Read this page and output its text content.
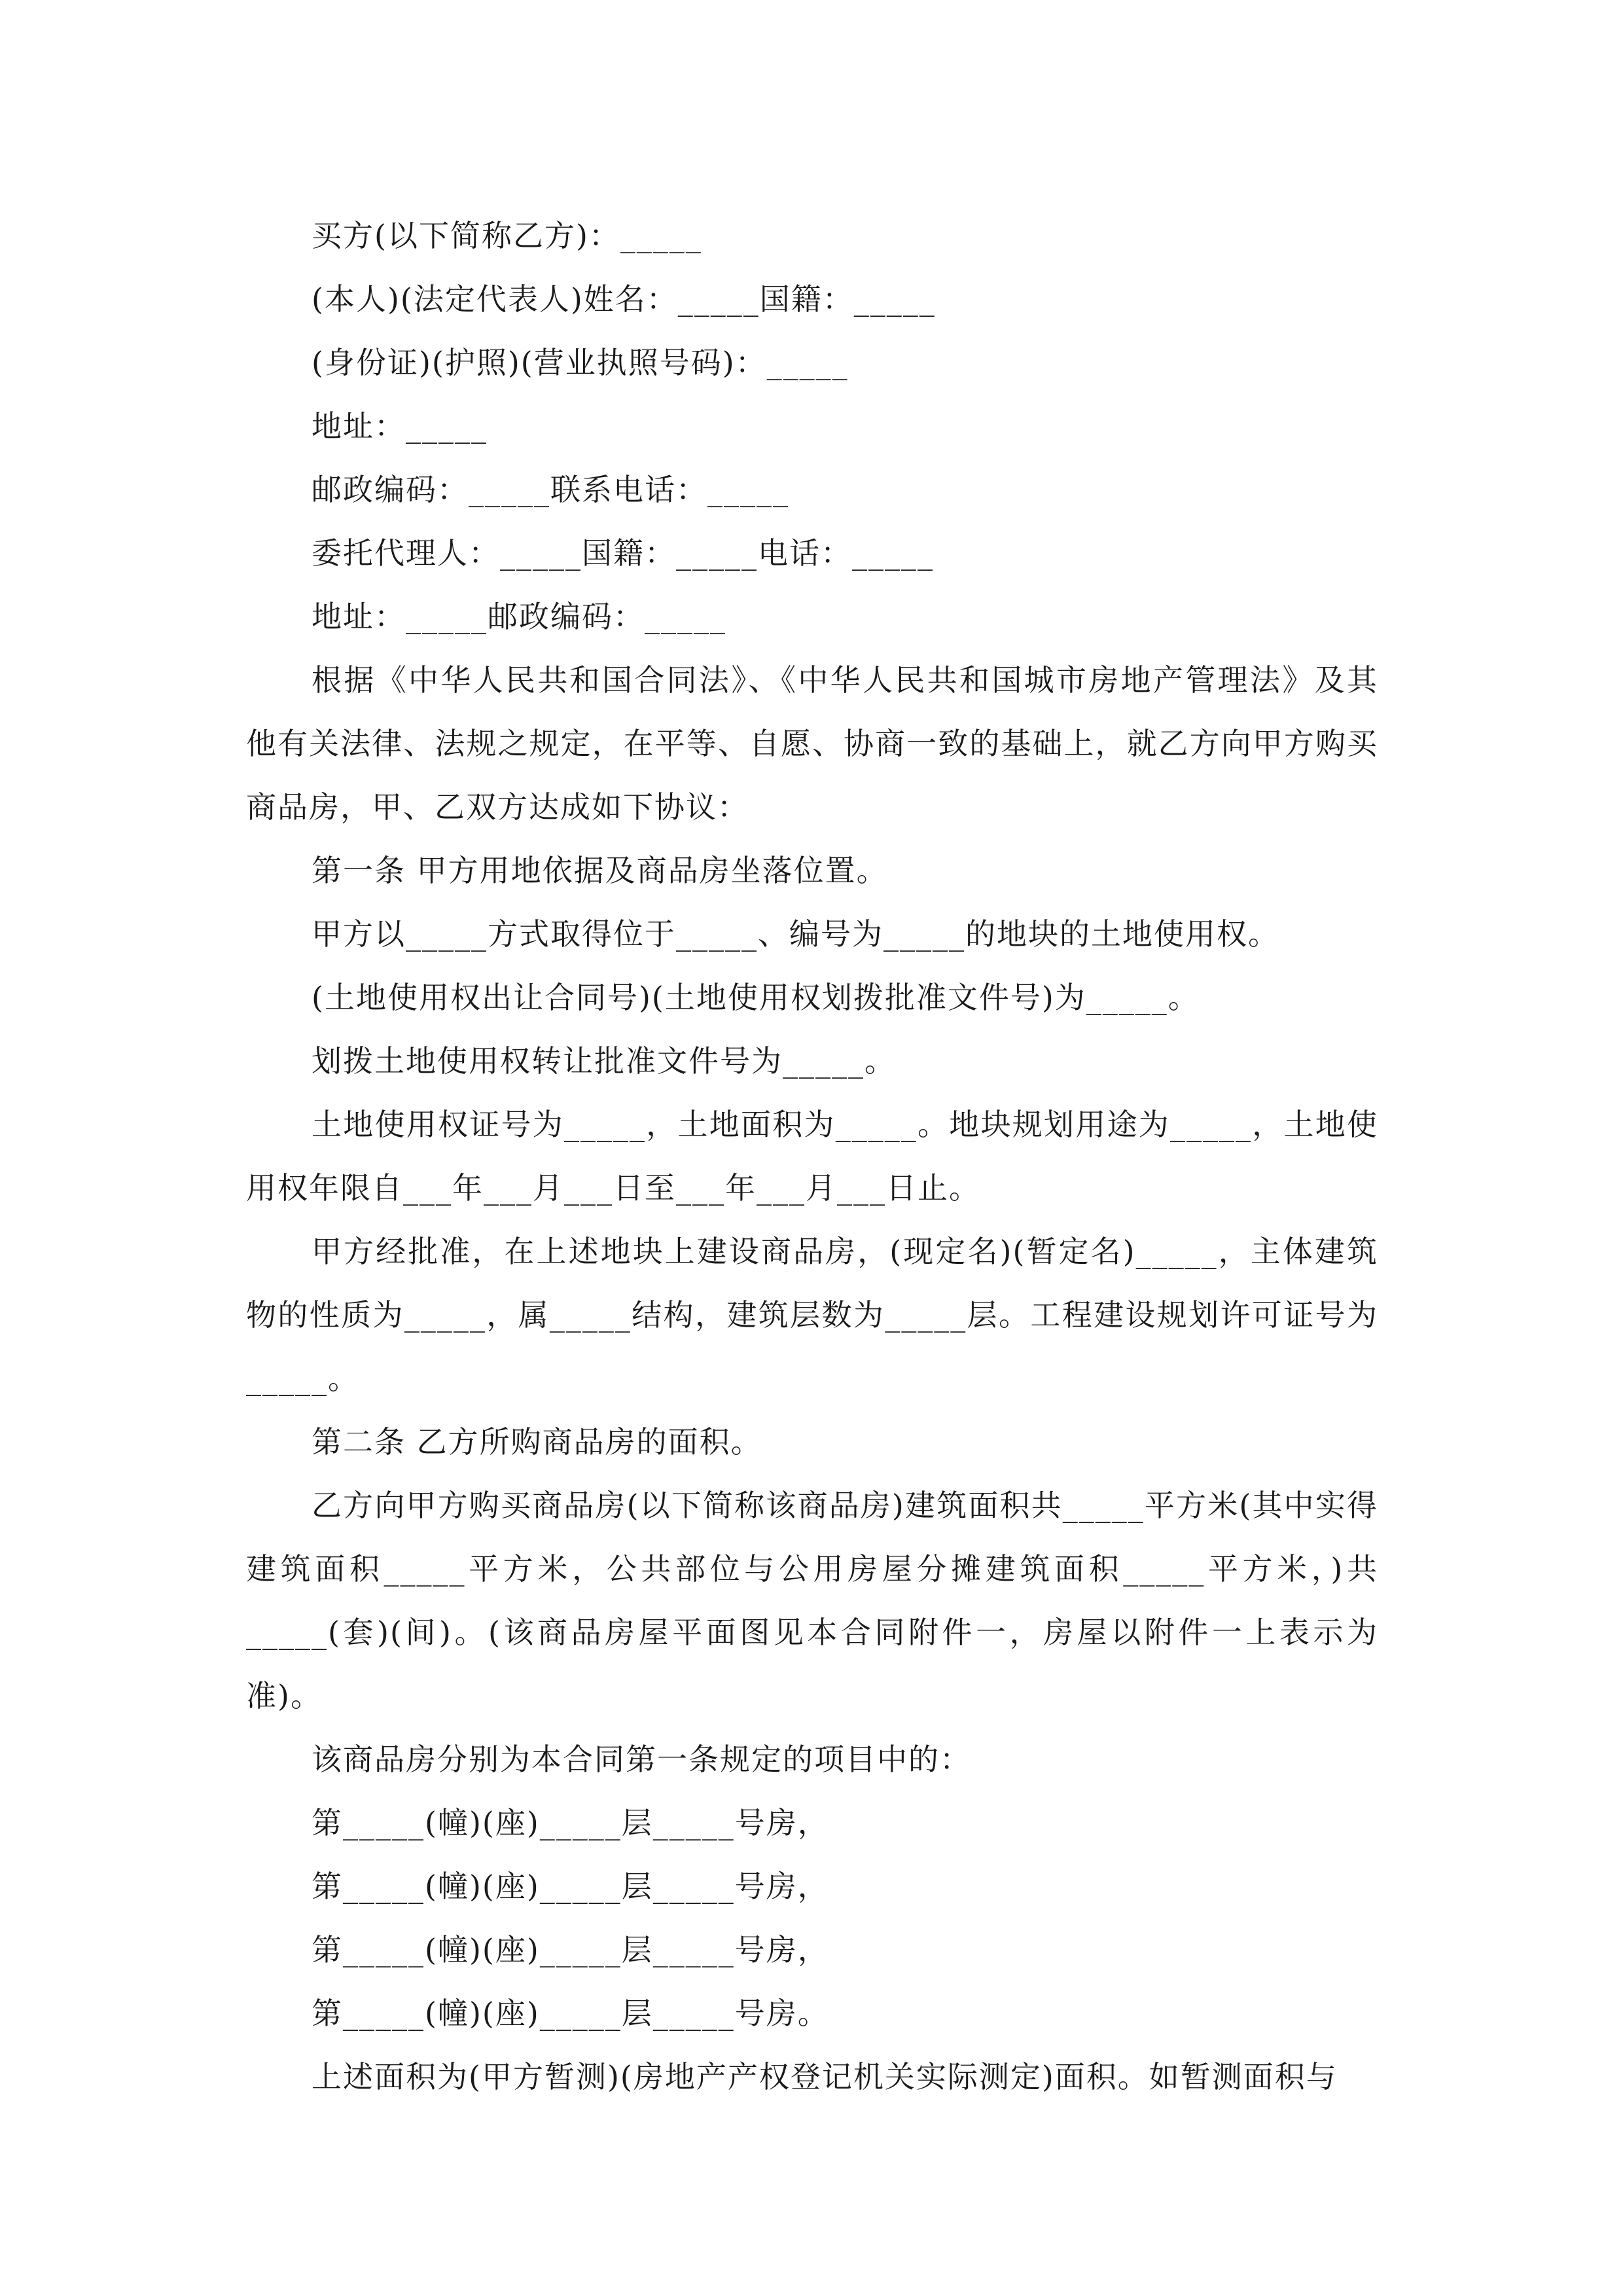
买方(以下简称乙方)：_____
(本人)(法定代表人)姓名：_____国籍：_____
(身份证)(护照)(营业执照号码)：_____
地址：_____
邮政编码：_____联系电话：_____
委托代理人：_____国籍：_____电话：_____
地址：_____邮政编码：_____
根据《中华人民共和国合同法》、《中华人民共和国城市房地产管理法》及其他有关法律、法规之规定，在平等、自愿、协商一致的基础上，就乙方向甲方购买商品房，甲、乙双方达成如下协议：
第一条 甲方用地依据及商品房坐落位置。
甲方以_____方式取得位于_____、编号为_____的地块的土地使用权。
(土地使用权出让合同号)(土地使用权划拨批准文件号)为_____。
划拨土地使用权转让批准文件号为_____。
土地使用权证号为_____，土地面积为_____。地块规划用途为_____，土地使用权年限自___年___月___日至___年___月___日止。
甲方经批准，在上述地块上建设商品房，(现定名)(暂定名)_____，主体建筑物的性质为_____，属_____结构，建筑层数为_____层。工程建设规划许可证号为_____。
第二条 乙方所购商品房的面积。
乙方向甲方购买商品房(以下简称该商品房)建筑面积共_____平方米(其中实得建筑面积_____平方米，公共部位与公用房屋分摊建筑面积_____平方米，)共_____(套)(间)。(该商品房屋平面图见本合同附件一，房屋以附件一上表示为准)。
该商品房分别为本合同第一条规定的项目中的：
第_____(幢)(座)_____层_____号房，
第_____(幢)(座)_____层_____号房，
第_____(幢)(座)_____层_____号房，
第_____(幢)(座)_____层_____号房。
上述面积为(甲方暂测)(房地产产权登记机关实际测定)面积。如暂测面积与
